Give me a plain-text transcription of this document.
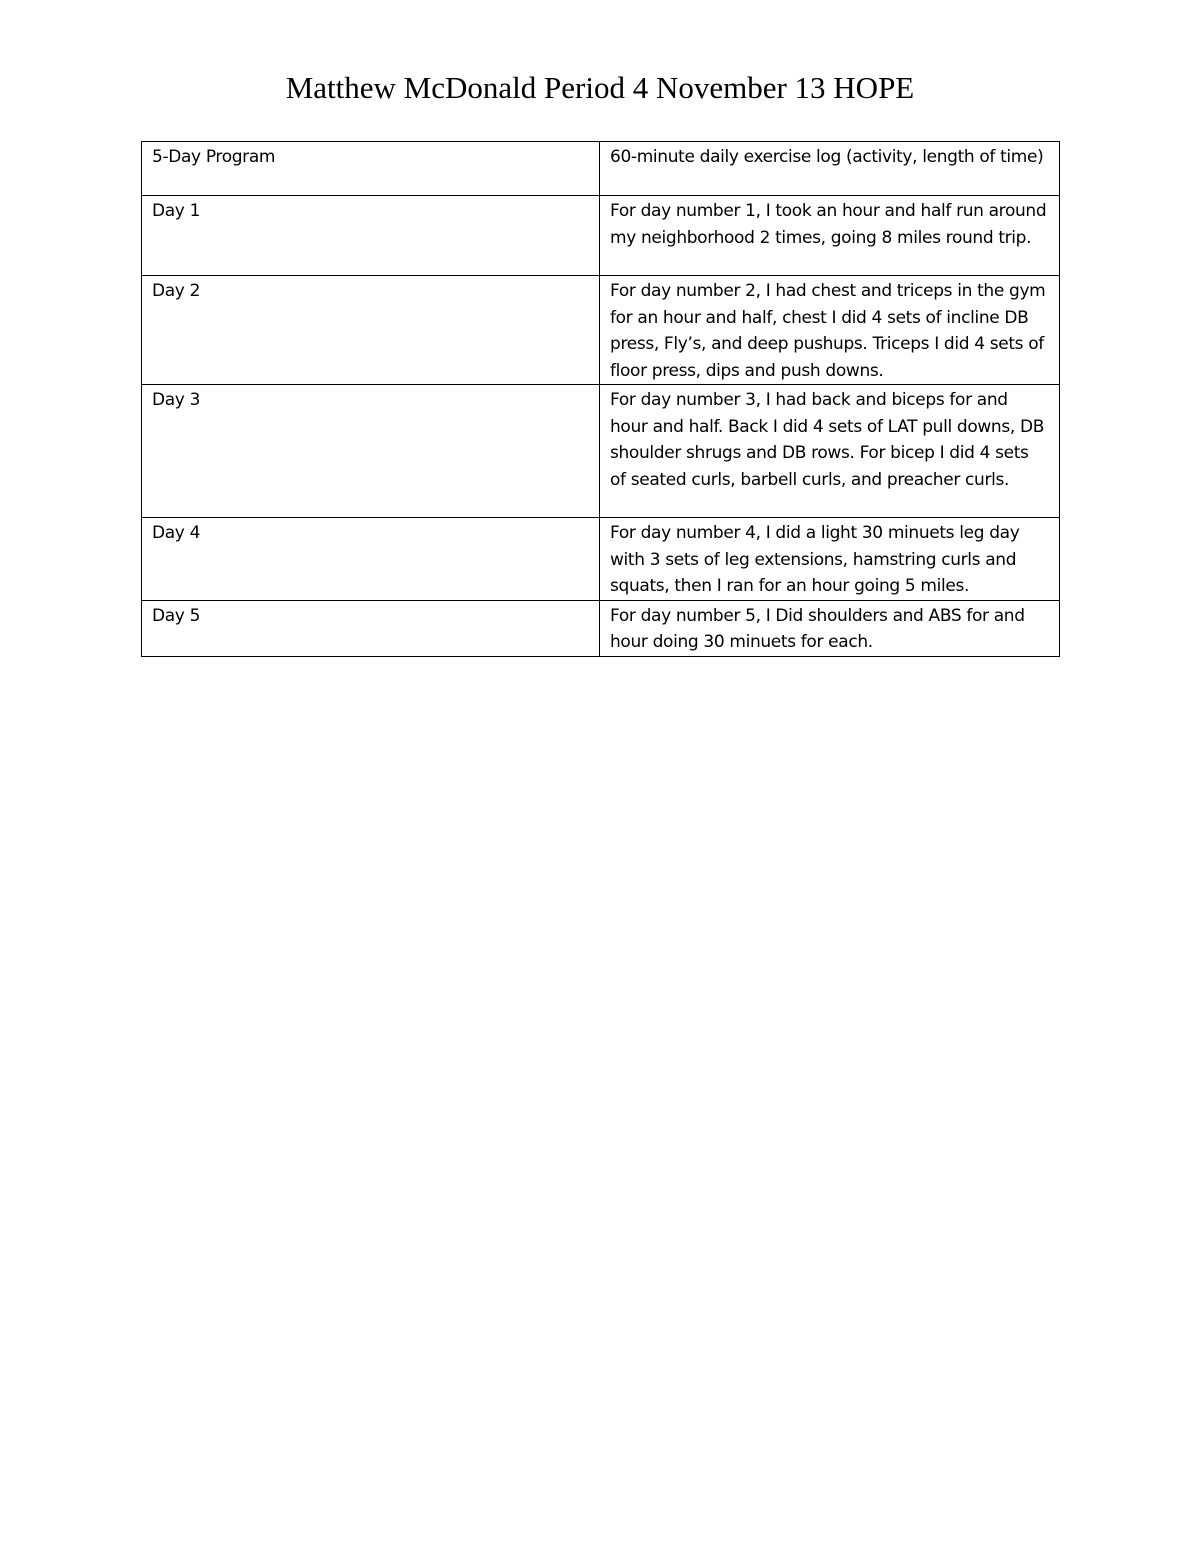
Matthew McDonald Period 4 November 13 HOPE
5-Day Program	60-minute daily exercise log (activity, length of time)
Day 1	For day number 1, I took an hour and half run around my neighborhood 2 times, going 8 miles round trip.
Day 2	For day number 2, I had chest and triceps in the gym for an hour and half, chest I did 4 sets of incline DB press, Fly’s, and deep pushups. Triceps I did 4 sets of floor press, dips and push downs.
Day 3	For day number 3, I had back and biceps for and hour and half. Back I did 4 sets of LAT pull downs, DB shoulder shrugs and DB rows. For bicep I did 4 sets of seated curls, barbell curls, and preacher curls.
Day 4	For day number 4, I did a light 30 minuets leg day with 3 sets of leg extensions, hamstring curls and squats, then I ran for an hour going 5 miles.
Day 5	For day number 5, I Did shoulders and ABS for and hour doing 30 minuets for each.
